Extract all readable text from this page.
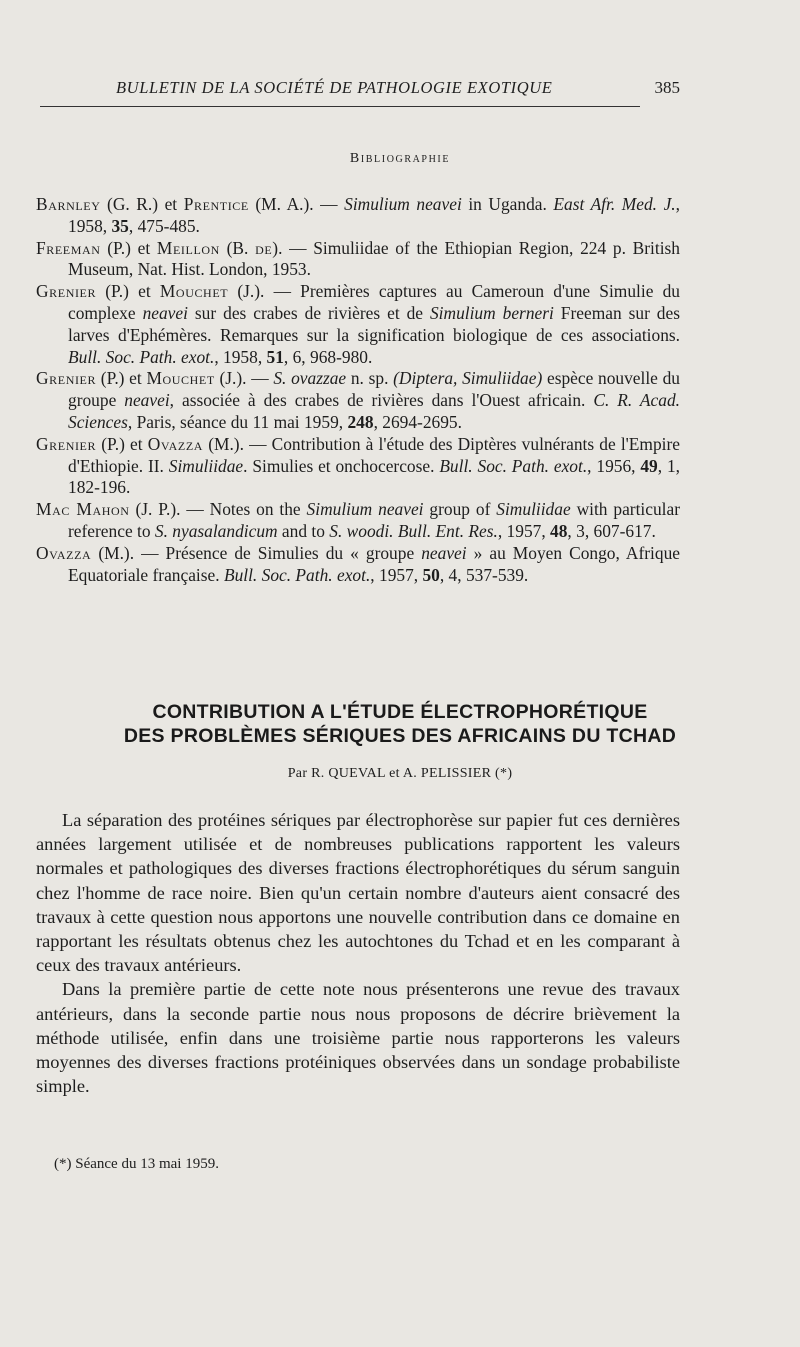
BULLETIN DE LA SOCIÉTÉ DE PATHOLOGIE EXOTIQUE	385
Bibliographie

Barnley (G. R.) et Prentice (M. A.). — Simulium neavei in Uganda. East Afr. Med. J., 1958, 35, 475-485.

Freeman (P.) et Meillon (B. de). — Simuliidae of the Ethiopian Region, 224 p. British Museum, Nat. Hist. London, 1953.

Grenier (P.) et Mouchet (J.). — Premières captures au Cameroun d'une Simulie du complexe neavei sur des crabes de rivières et de Simulium berneri Freeman sur des larves d'Ephémères. Remarques sur la signification biologique de ces associations. Bull. Soc. Path. exot., 1958, 51, 6, 968-980.

Grenier (P.) et Mouchet (J.). — S. ovazzae n. sp. (Diptera, Simuliidae) espèce nouvelle du groupe neavei, associée à des crabes de rivières dans l'Ouest africain. C. R. Acad. Sciences, Paris, séance du 11 mai 1959, 248, 2694-2695.

Grenier (P.) et Ovazza (M.). — Contribution à l'étude des Diptères vulnérants de l'Empire d'Ethiopie. II. Simuliidae. Simulies et onchocercose. Bull. Soc. Path. exot., 1956, 49, 1, 182-196.

Mac Mahon (J. P.). — Notes on the Simulium neavei group of Simuliidae with particular reference to S. nyasalandicum and to S. woodi. Bull. Ent. Res., 1957, 48, 3, 607-617.

Ovazza (M.). — Présence de Simulies du « groupe neavei » au Moyen Congo, Afrique Equatoriale française. Bull. Soc. Path. exot., 1957, 50, 4, 537-539.

CONTRIBUTION A L'ÉTUDE ÉLECTROPHORÉTIQUE
DES PROBLÈMES SÉRIQUES DES AFRICAINS DU TCHAD
Par R. QUEVAL et A. PELISSIER (*)

La séparation des protéines sériques par électrophorèse sur papier fut ces dernières années largement utilisée et de nombreuses publications rapportent les valeurs normales et pathologiques des diverses fractions électrophorétiques du sérum sanguin chez l'homme de race noire. Bien qu'un certain nombre d'auteurs aient consacré des travaux à cette question nous apportons une nouvelle contribution dans ce domaine en rapportant les résultats obtenus chez les autochtones du Tchad et en les comparant à ceux des travaux antérieurs.

Dans la première partie de cette note nous présenterons une revue des travaux antérieurs, dans la seconde partie nous nous proposons de décrire brièvement la méthode utilisée, enfin dans une troisième partie nous rapporterons les valeurs moyennes des diverses fractions protéiniques observées dans un sondage probabiliste simple.

(*) Séance du 13 mai 1959.
